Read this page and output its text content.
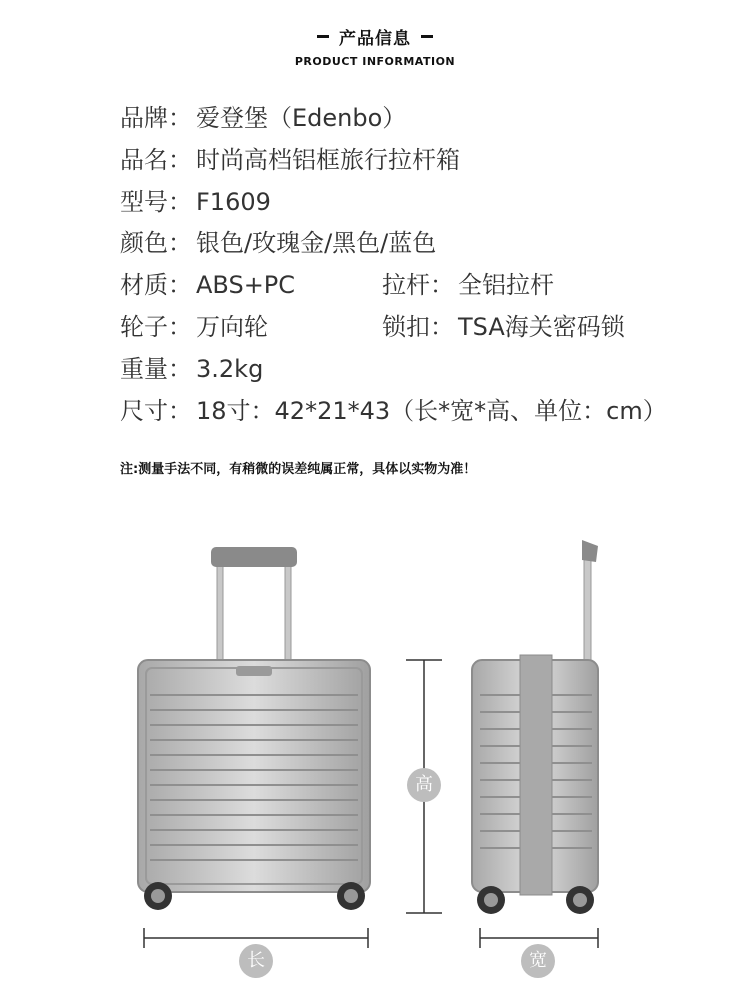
产品信息
PRODUCT INFORMATION
品牌： 爱登堡（Edenbo）
品名： 时尚高档铝框旅行拉杆箱
型号： F1609
颜色： 银色/玫瑰金/黑色/蓝色
材质： ABS+PC	拉杆： 全铝拉杆
轮子： 万向轮	锁扣： TSA海关密码锁
重量： 3.2kg
尺寸： 18寸：42*21*43（长*宽*高、单位：cm）
注:测量手法不同，有稍微的误差纯属正常，具体以实物为准！
高
长	宽
